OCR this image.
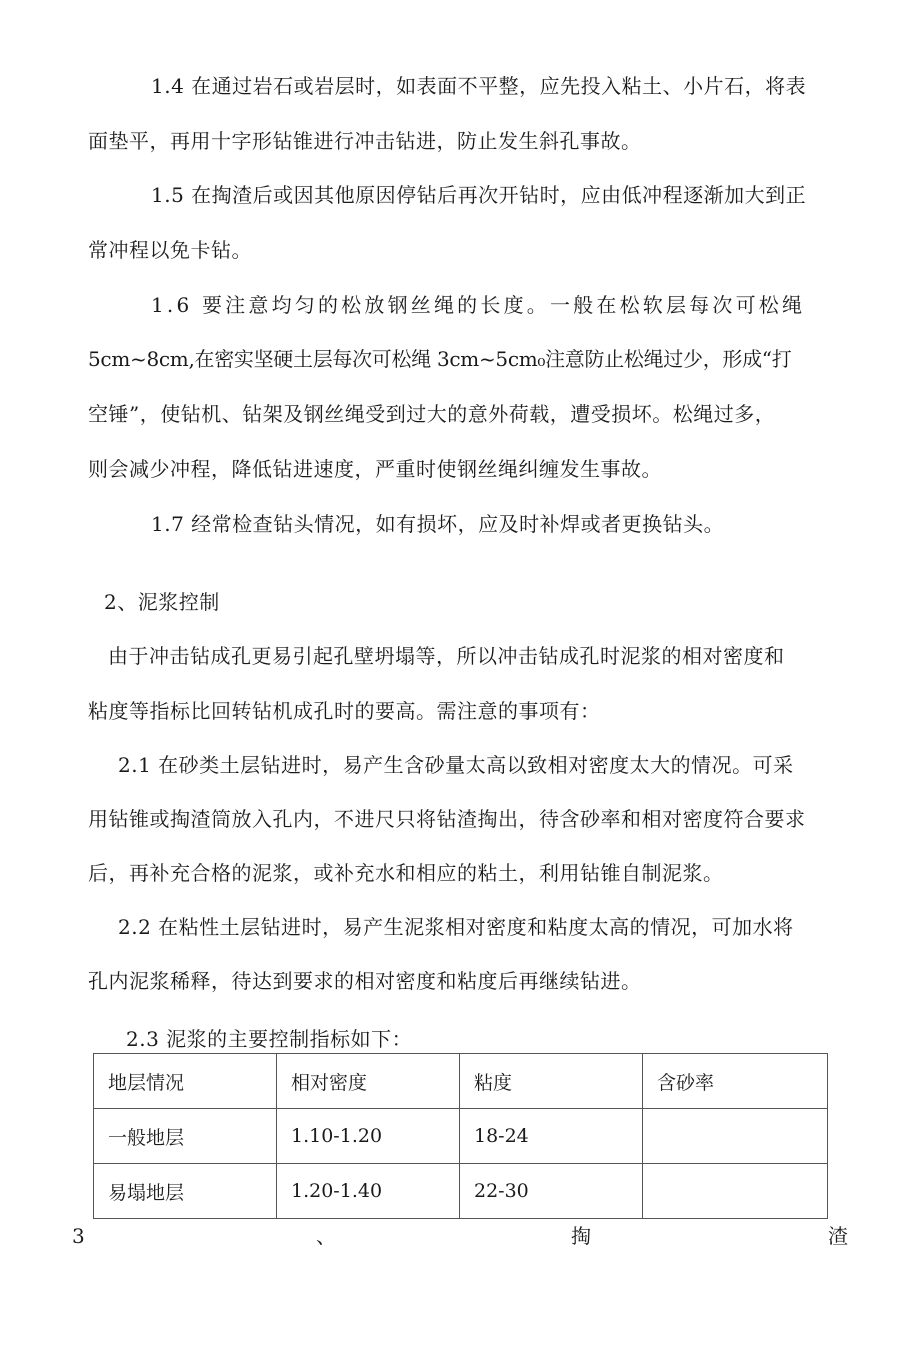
1.4 在通过岩石或岩层时，如表面不平整，应先投入粘土、小片石，将表
面垫平，再用十字形钻锥进行冲击钻进，防止发生斜孔事故。
1.5 在掏渣后或因其他原因停钻后再次开钻时，应由低冲程逐渐加大到正
常冲程以免卡钻。
1.6 要注意均匀的松放钢丝绳的长度。一般在松软层每次可松绳
5cm~8cm,在密实坚硬土层每次可松绳 3cm~5cm₀注意防止松绳过少，形成“打
空锤”，使钻机、钻架及钢丝绳受到过大的意外荷载，遭受损坏。松绳过多，
则会减少冲程，降低钻进速度，严重时使钢丝绳纠缠发生事故。
1.7 经常检查钻头情况，如有损坏，应及时补焊或者更换钻头。
2、泥浆控制
由于冲击钻成孔更易引起孔壁坍塌等，所以冲击钻成孔时泥浆的相对密度和
粘度等指标比回转钻机成孔时的要高。需注意的事项有：
2.1 在砂类土层钻进时，易产生含砂量太高以致相对密度太大的情况。可采
用钻锥或掏渣筒放入孔内，不进尺只将钻渣掏出，待含砂率和相对密度符合要求
后，再补充合格的泥浆，或补充水和相应的粘土，利用钻锥自制泥浆。
2.2 在粘性土层钻进时，易产生泥浆相对密度和粘度太高的情况，可加水将
孔内泥浆稀释，待达到要求的相对密度和粘度后再继续钻进。
2.3 泥浆的主要控制指标如下：
地层情况	相对密度	粘度	含砂率
一般地层	1.10-1.20	18-24	
易塌地层	1.20-1.40	22-30	
3	、	掏	渣
